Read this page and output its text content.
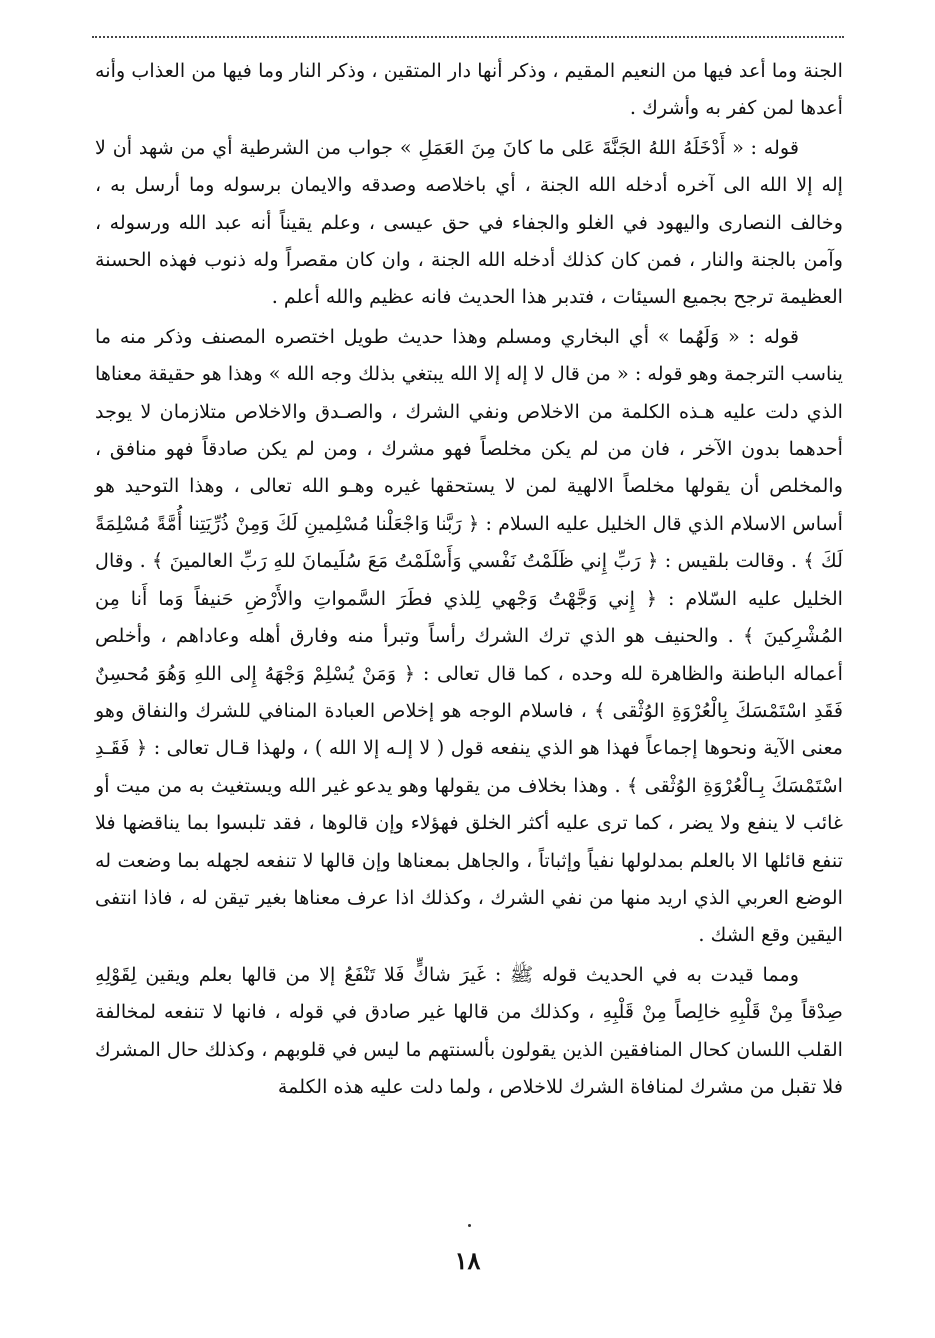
الجنة وما أعد فيها من النعيم المقيم ، وذكر أنها دار المتقين ، وذكر النار وما فيها من العذاب وأنه أعدها لمن كفر به وأشرك .

قوله : « أَدْخَلَهُ اللهُ الجَنَّةَ عَلى ما كانَ مِنَ العَمَلِ » جواب من الشرطية أي من شهد أن لا إله إلا الله الى آخره أدخله الله الجنة ، أي باخلاصه وصدقه والايمان برسوله وما أرسل به ، وخالف النصارى واليهود في الغلو والجفاء في حق عيسى ، وعلم يقيناً أنه عبد الله ورسوله ، وآمن بالجنة والنار ، فمن كان كذلك أدخله الله الجنة ، وان كان مقصراً وله ذنوب فهذه الحسنة العظيمة ترجح بجميع السيئات ، فتدبر هذا الحديث فانه عظيم والله أعلم .

قوله : « وَلَهُما » أي البخاري ومسلم وهذا حديث طويل اختصره المصنف وذكر منه ما يناسب الترجمة وهو قوله : « من قال لا إله إلا الله يبتغي بذلك وجه الله » وهذا هو حقيقة معناها الذي دلت عليه هـذه الكلمة من الاخلاص ونفي الشرك ، والصـدق والاخلاص متلازمان لا يوجد أحدهما بدون الآخر ، فان من لم يكن مخلصاً فهو مشرك ، ومن لم يكن صادقاً فهو منافق ، والمخلص أن يقولها مخلصاً الالهية لمن لا يستحقها غيره وهـو الله تعالى ، وهذا التوحيد هو أساس الاسلام الذي قال الخليل عليه السلام : ﴿ رَبَّنا وَاجْعَلْنا مُسْلِمينِ لَكَ وَمِنْ ذُرِّيَتِنا أُمَّةً مُسْلِمَةً لَكَ ﴾ . وقالت بلقيس : ﴿ رَبِّ إِني ظَلَمْتُ نَفْسي وَأَسْلَمْتُ مَعَ سُلَيمانَ للهِ رَبِّ العالمينَ ﴾ . وقال الخليل عليه السّلام : ﴿ إِني وَجَّهْتُ وَجْهي لِلذي فطَرَ السَّمواتِ والأَرْضِ حَنيفاً وَما أَنا مِن المُشْرِكينَ ﴾ . والحنيف هو الذي ترك الشرك رأساً وتبرأ منه وفارق أهله وعاداهم ، وأخلص أعماله الباطنة والظاهرة لله وحده ، كما قال تعالى : ﴿ وَمَنْ يُسْلِمْ وَجْهَهُ إِلى اللهِ وَهُوَ مُحسِنٌ فَقَدِ اسْتَمْسَكَ بِالْعُرْوَةِ الوُثْقى ﴾ ، فاسلام الوجه هو إخلاص العبادة المنافي للشرك والنفاق وهو معنى الآية ونحوها إجماعاً فهذا هو الذي ينفعه قول ( لا إلـه إلا الله ) ، ولهذا قـال تعالى : ﴿ فَقَـدِ اسْتَمْسَكَ بِـالْعُرْوَةِ الوُثْقى ﴾ . وهذا بخلاف من يقولها وهو يدعو غير الله ويستغيث به من ميت أو غائب لا ينفع ولا يضر ، كما ترى عليه أكثر الخلق فهؤلاء وإن قالوها ، فقد تلبسوا بما يناقضها فلا تنفع قائلها الا بالعلم بمدلولها نفياً وإثباتاً ، والجاهل بمعناها وإن قالها لا تنفعه لجهله بما وضعت له الوضع العربي الذي اريد منها من نفي الشرك ، وكذلك اذا عرف معناها بغير تيقن له ، فاذا انتفى اليقين وقع الشك .

ومما قيدت به في الحديث قوله ﷺ : غَيرَ شاكٍّ فَلا تَنْفَعُ إلا من قالها بعلم ويقين لِقَوْلِهِ صِدْقاً مِنْ قَلْبِهِ خالِصاً مِنْ قَلْبِهِ ، وكذلك من قالها غير صادق في قوله ، فانها لا تنفعه لمخالفة القلب اللسان كحال المنافقين الذين يقولون بألسنتهم ما ليس في قلوبهم ، وكذلك حال المشرك فلا تقبل من مشرك لمنافاة الشرك للاخلاص ، ولما دلت عليه هذه الكلمة

١٨
